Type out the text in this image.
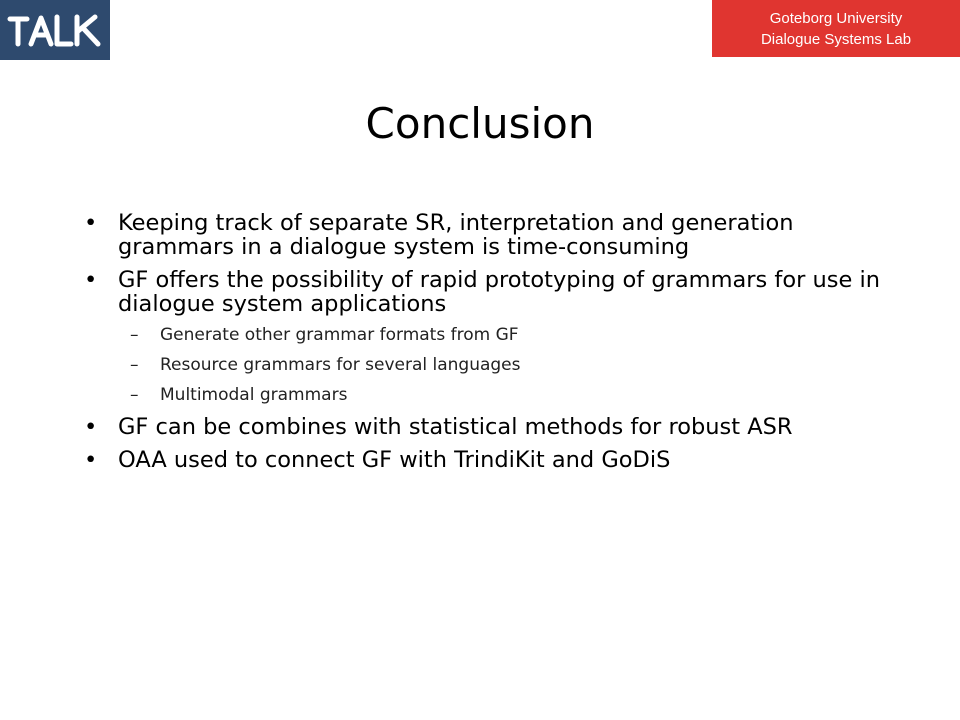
Goteborg University
Dialogue Systems Lab
Conclusion
• Keeping track of separate SR, interpretation and generation grammars in a dialogue system is time-consuming
• GF offers the possibility of rapid prototyping of grammars for use in dialogue system applications
– Generate other grammar formats from GF
– Resource grammars for several languages
– Multimodal grammars
• GF can be combines with statistical methods for robust ASR
• OAA used to connect GF with TrindiKit and GoDiS
